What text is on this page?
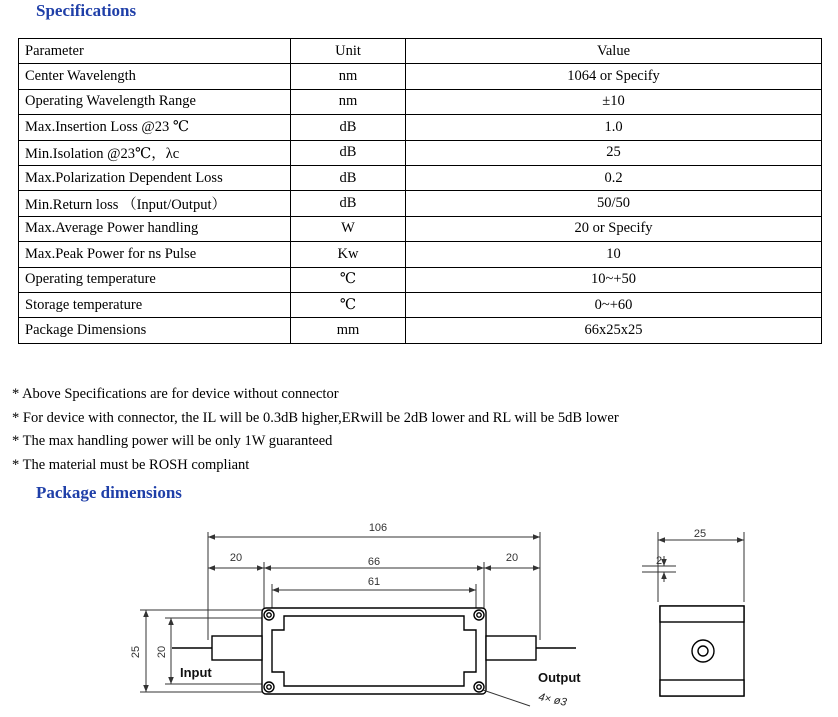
Specifications
Parameter	Unit	Value
Center Wavelength	nm	1064 or Specify
Operating Wavelength Range	nm	±10
Max.Insertion Loss @23 ℃	dB	1.0
Min.Isolation @23℃，λc	dB	25
Max.Polarization Dependent Loss	dB	0.2
Min.Return loss （Input/Output）	dB	50/50
Max.Average Power handling	W	20 or Specify
Max.Peak Power for ns Pulse	Kw	10
Operating temperature	℃	10~+50
Storage temperature	℃	0~+60
Package Dimensions	mm	66x25x25
* Above Specifications are for device without connector
* For device with connector, the IL will be 0.3dB higher,ERwill be 2dB lower and RL will be 5dB lower
* The max handling power will be only 1W guaranteed
* The material must be ROSH compliant
Package dimensions
106
20	66	20
61
25
2
25 20
Input	Output
4× ø3
